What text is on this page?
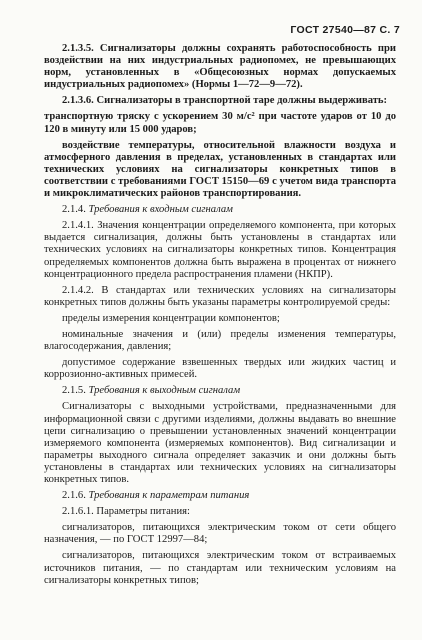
ГОСТ 27540—87 С. 7

2.1.3.5. Сигнализаторы должны сохранять работоспособность при воздействии на них индустриальных радиопомех, не превышающих норм, установленных в «Общесоюзных нормах допускаемых индустриальных радиопомех» (Нормы 1—72—9—72).

2.1.3.6. Сигнализаторы в транспортной таре должны выдерживать:

транспортную тряску с ускорением 30 м/с² при частоте ударов от 10 до 120 в минуту или 15 000 ударов;

воздействие температуры, относительной влажности воздуха и атмосферного давления в пределах, установленных в стандартах или технических условиях на сигнализаторы конкретных типов в соответствии с требованиями ГОСТ 15150—69 с учетом вида транспорта и микроклиматических районов транспортирования.

2.1.4. Требования к входным сигналам

2.1.4.1. Значения концентрации определяемого компонента, при которых выдается сигнализация, должны быть установлены в стандартах или технических условиях на сигнализаторы конкретных типов. Концентрация определяемых компонентов должна быть выражена в процентах от нижнего концентрационного предела распространения пламени (НКПР).

2.1.4.2. В стандартах или технических условиях на сигнализаторы конкретных типов должны быть указаны параметры контролируемой среды:

пределы измерения концентрации компонентов;

номинальные значения и (или) пределы изменения температуры, влагосодержания, давления;

допустимое содержание взвешенных твердых или жидких частиц и коррозионно-активных примесей.

2.1.5. Требования к выходным сигналам

Сигнализаторы с выходными устройствами, предназначенными для информационной связи с другими изделиями, должны выдавать во внешние цепи сигнализацию о превышении установленных значений концентрации измеряемого компонента (измеряемых компонентов). Вид сигнализации и параметры выходного сигнала определяет заказчик и они должны быть установлены в стандартах или технических условиях на сигнализаторы конкретных типов.

2.1.6. Требования к параметрам питания

2.1.6.1. Параметры питания:

сигнализаторов, питающихся электрическим током от сети общего назначения, — по ГОСТ 12997—84;

сигнализаторов, питающихся электрическим током от встраиваемых источников питания, — по стандартам или техническим условиям на сигнализаторы конкретных типов;
